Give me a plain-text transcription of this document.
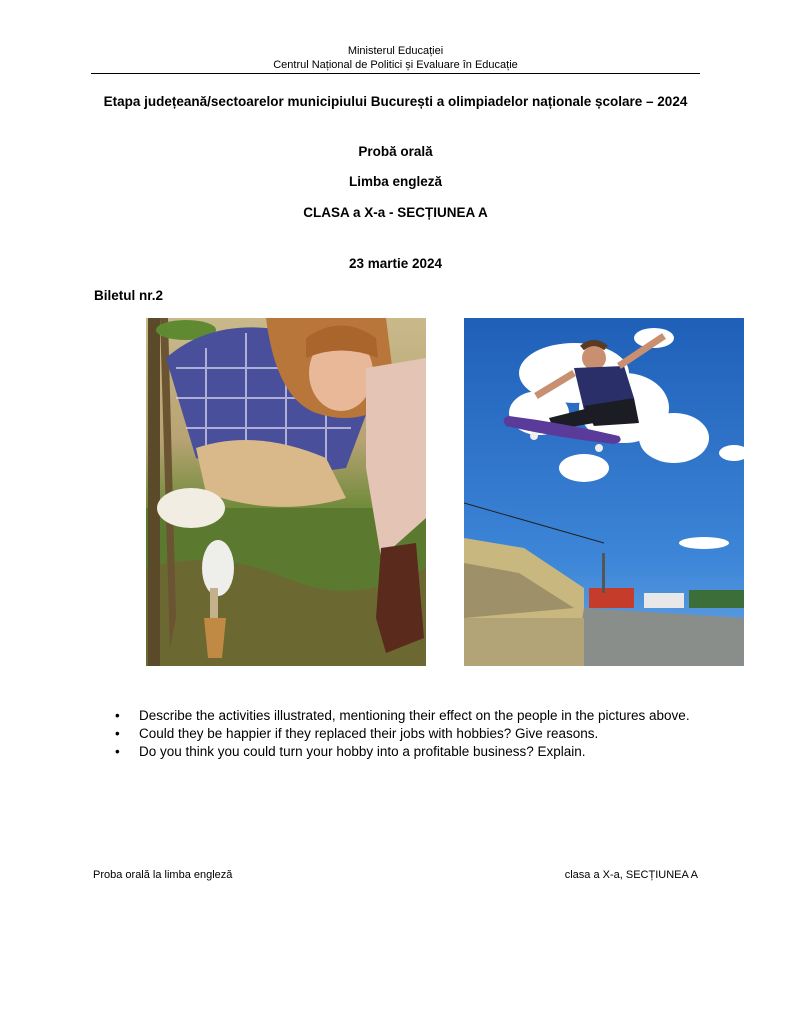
Ministerul Educației
Centrul Național de Politici și Evaluare în Educație
Etapa județeană/sectoarelor municipiului București a olimpiadelor naționale școlare – 2024
Probă orală
Limba engleză
CLASA a X-a - SECȚIUNEA A
23 martie 2024
Biletul nr.2
• Describe the activities illustrated, mentioning their effect on the people in the pictures above.
• Could they be happier if they replaced their jobs with hobbies? Give reasons.
• Do you think you could turn your hobby into a profitable business? Explain.
Proba orală la limba engleză	clasa a X-a, SECȚIUNEA A
